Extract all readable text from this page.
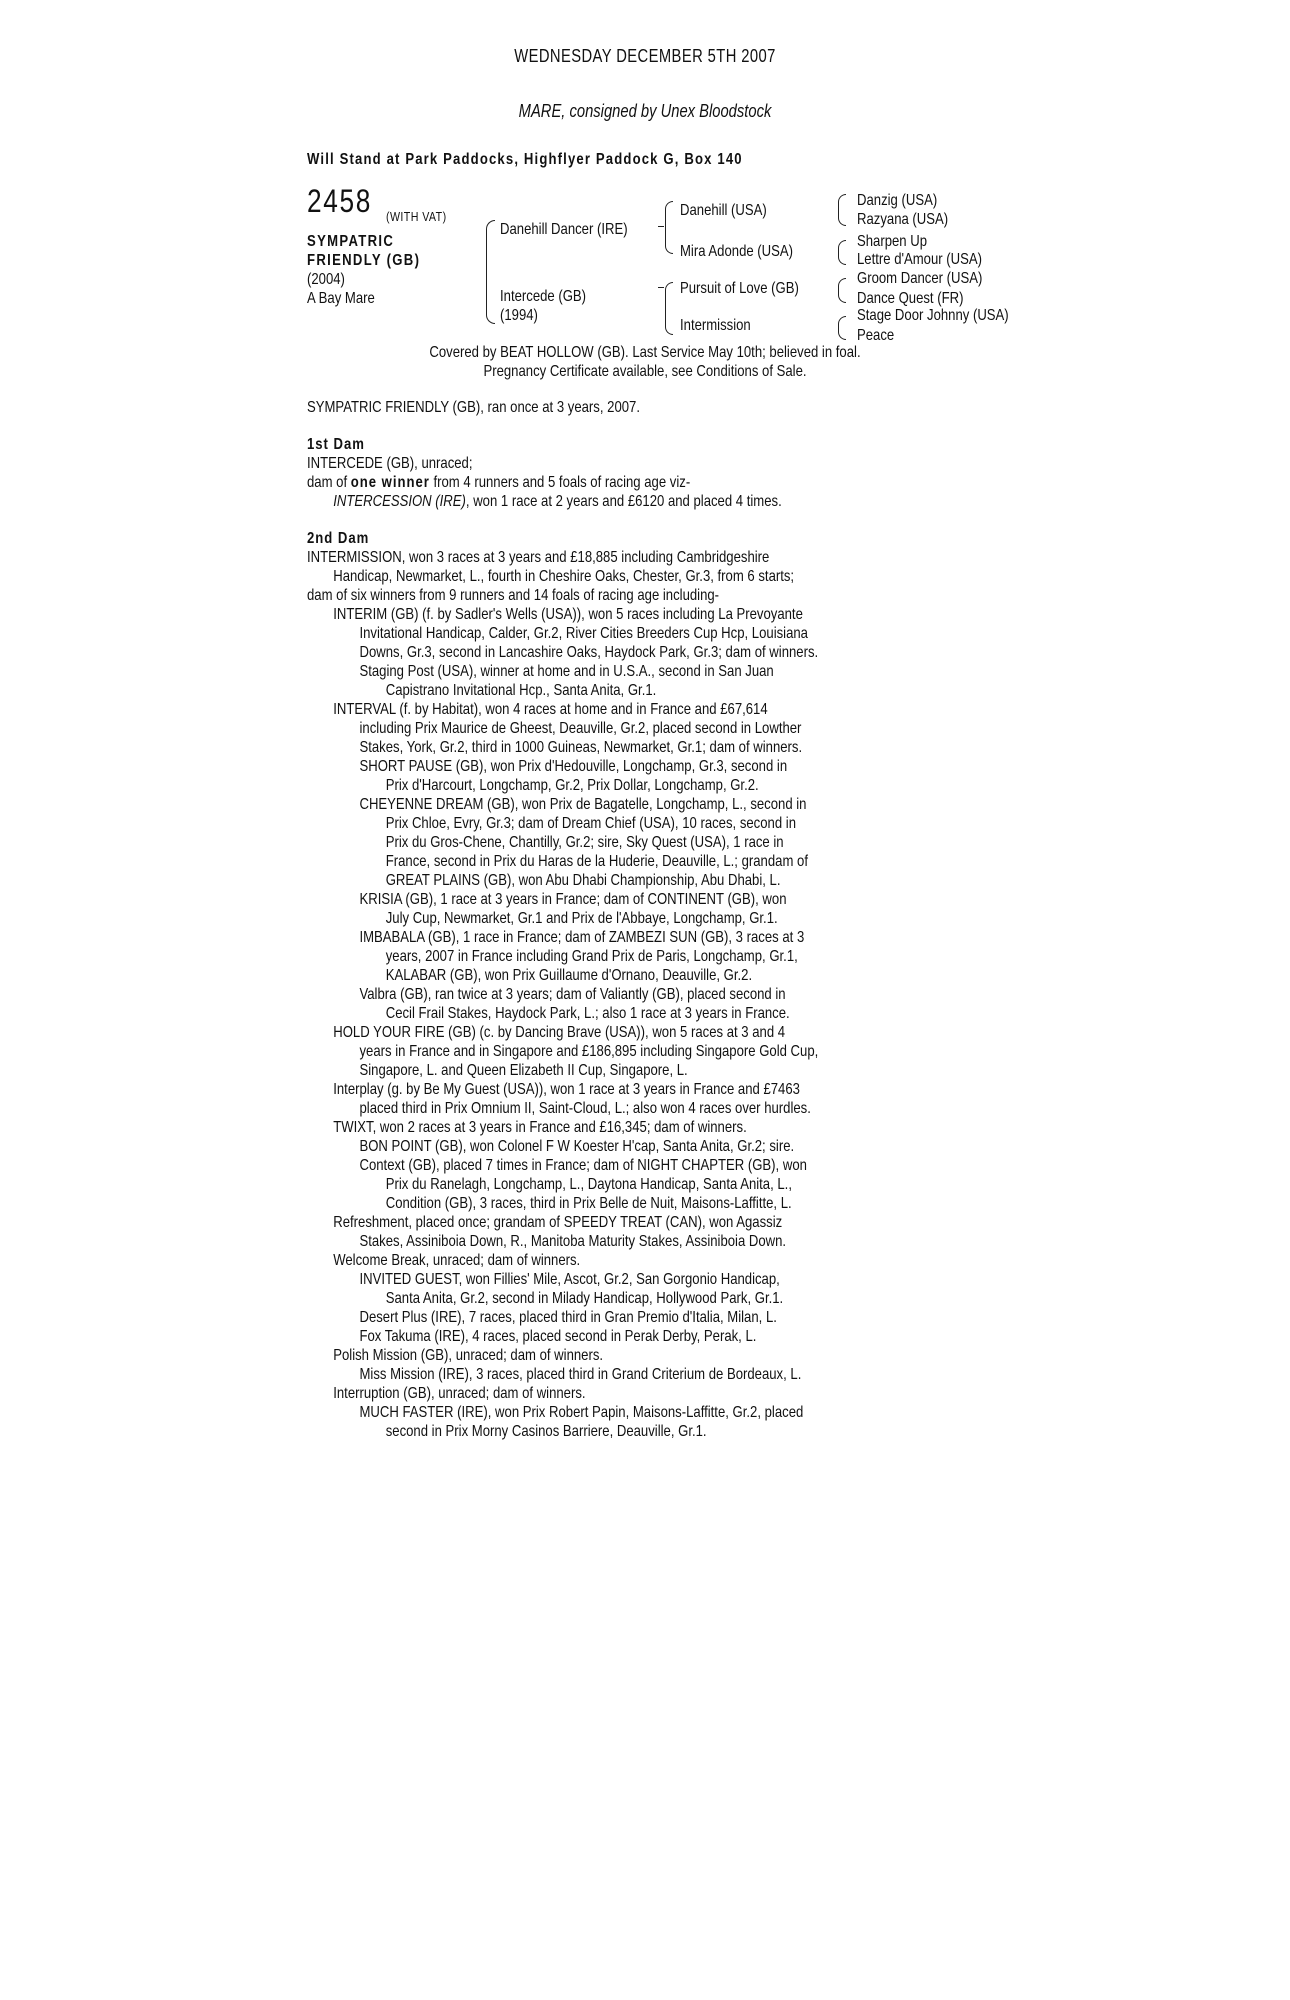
WEDNESDAY DECEMBER 5TH 2007
MARE, consigned by Unex Bloodstock
Will Stand at Park Paddocks, Highflyer Paddock G, Box 140
2458 (WITH VAT)
SYMPATRIC
FRIENDLY (GB)
(2004)
A Bay Mare
Danehill Dancer (IRE)
Intercede (GB)
(1994)
Danehill (USA)
Mira Adonde (USA)
Pursuit of Love (GB)
Intermission
Danzig (USA)
Razyana (USA)
Sharpen Up
Lettre d'Amour (USA)
Groom Dancer (USA)
Dance Quest (FR)
Stage Door Johnny (USA)
Peace
Covered by BEAT HOLLOW (GB). Last Service May 10th; believed in foal.
Pregnancy Certificate available, see Conditions of Sale.
SYMPATRIC FRIENDLY (GB), ran once at 3 years, 2007.
1st Dam
INTERCEDE (GB), unraced;
dam of one winner from 4 runners and 5 foals of racing age viz-
INTERCESSION (IRE), won 1 race at 2 years and £6120 and placed 4 times.
2nd Dam
INTERMISSION, won 3 races at 3 years and £18,885 including Cambridgeshire
Handicap, Newmarket, L., fourth in Cheshire Oaks, Chester, Gr.3, from 6 starts;
dam of six winners from 9 runners and 14 foals of racing age including-
INTERIM (GB) (f. by Sadler's Wells (USA)), won 5 races including La Prevoyante
Invitational Handicap, Calder, Gr.2, River Cities Breeders Cup Hcp, Louisiana
Downs, Gr.3, second in Lancashire Oaks, Haydock Park, Gr.3; dam of winners.
Staging Post (USA), winner at home and in U.S.A., second in San Juan
Capistrano Invitational Hcp., Santa Anita, Gr.1.
INTERVAL (f. by Habitat), won 4 races at home and in France and £67,614
including Prix Maurice de Gheest, Deauville, Gr.2, placed second in Lowther
Stakes, York, Gr.2, third in 1000 Guineas, Newmarket, Gr.1; dam of winners.
SHORT PAUSE (GB), won Prix d'Hedouville, Longchamp, Gr.3, second in
Prix d'Harcourt, Longchamp, Gr.2, Prix Dollar, Longchamp, Gr.2.
CHEYENNE DREAM (GB), won Prix de Bagatelle, Longchamp, L., second in
Prix Chloe, Evry, Gr.3; dam of Dream Chief (USA), 10 races, second in
Prix du Gros-Chene, Chantilly, Gr.2; sire, Sky Quest (USA), 1 race in
France, second in Prix du Haras de la Huderie, Deauville, L.; grandam of
GREAT PLAINS (GB), won Abu Dhabi Championship, Abu Dhabi, L.
KRISIA (GB), 1 race at 3 years in France; dam of CONTINENT (GB), won
July Cup, Newmarket, Gr.1 and Prix de l'Abbaye, Longchamp, Gr.1.
IMBABALA (GB), 1 race in France; dam of ZAMBEZI SUN (GB), 3 races at 3
years, 2007 in France including Grand Prix de Paris, Longchamp, Gr.1,
KALABAR (GB), won Prix Guillaume d'Ornano, Deauville, Gr.2.
Valbra (GB), ran twice at 3 years; dam of Valiantly (GB), placed second in
Cecil Frail Stakes, Haydock Park, L.; also 1 race at 3 years in France.
HOLD YOUR FIRE (GB) (c. by Dancing Brave (USA)), won 5 races at 3 and 4
years in France and in Singapore and £186,895 including Singapore Gold Cup,
Singapore, L. and Queen Elizabeth II Cup, Singapore, L.
Interplay (g. by Be My Guest (USA)), won 1 race at 3 years in France and £7463
placed third in Prix Omnium II, Saint-Cloud, L.; also won 4 races over hurdles.
TWIXT, won 2 races at 3 years in France and £16,345; dam of winners.
BON POINT (GB), won Colonel F W Koester H'cap, Santa Anita, Gr.2; sire.
Context (GB), placed 7 times in France; dam of NIGHT CHAPTER (GB), won
Prix du Ranelagh, Longchamp, L., Daytona Handicap, Santa Anita, L.,
Condition (GB), 3 races, third in Prix Belle de Nuit, Maisons-Laffitte, L.
Refreshment, placed once; grandam of SPEEDY TREAT (CAN), won Agassiz
Stakes, Assiniboia Down, R., Manitoba Maturity Stakes, Assiniboia Down.
Welcome Break, unraced; dam of winners.
INVITED GUEST, won Fillies' Mile, Ascot, Gr.2, San Gorgonio Handicap,
Santa Anita, Gr.2, second in Milady Handicap, Hollywood Park, Gr.1.
Desert Plus (IRE), 7 races, placed third in Gran Premio d'Italia, Milan, L.
Fox Takuma (IRE), 4 races, placed second in Perak Derby, Perak, L.
Polish Mission (GB), unraced; dam of winners.
Miss Mission (IRE), 3 races, placed third in Grand Criterium de Bordeaux, L.
Interruption (GB), unraced; dam of winners.
MUCH FASTER (IRE), won Prix Robert Papin, Maisons-Laffitte, Gr.2, placed
second in Prix Morny Casinos Barriere, Deauville, Gr.1.
